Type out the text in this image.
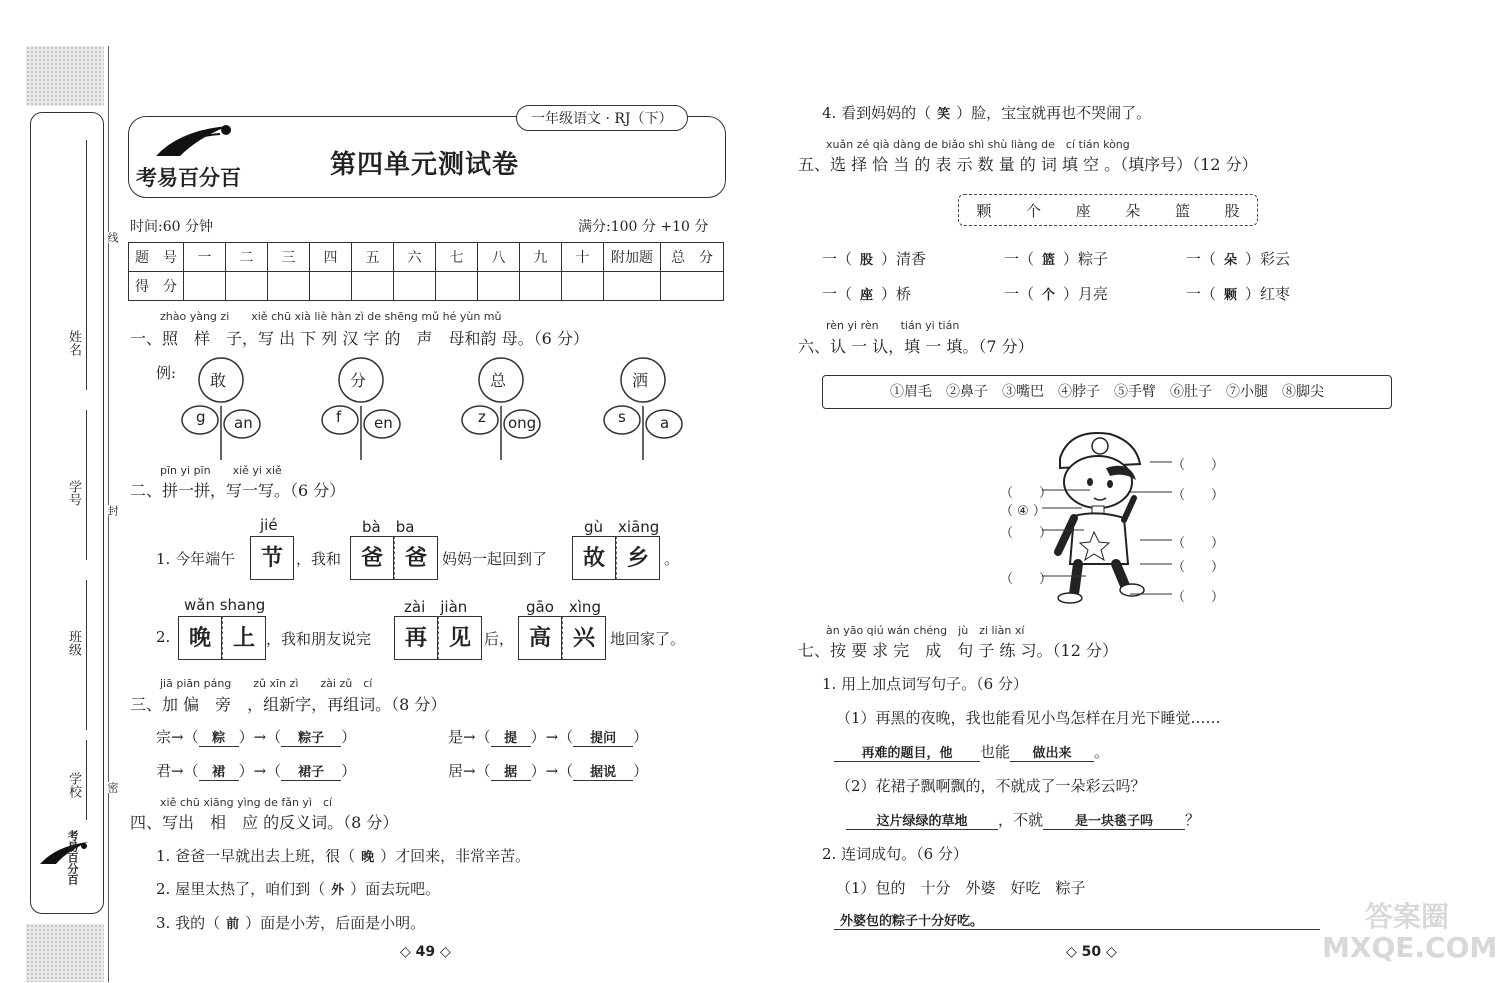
姓名
学号
班级
学校
线
封
密
考易百分百
考易百分百	第四单元测试卷
一年级语文 · RJ（下）
时间:60 分钟	满分:100 分 +10 分
题　号	一	二	三	四	五	六	七	八	九	十	附加题	总　分
得　分												
zhào yàng zi　　xiě chū xià liè hàn zì de shēng mǔ hé yùn mǔ
一、照　样　子，写 出 下 列 汉 字 的　声　母和韵 母。（6 分）
例: 敢
g an
分
f en
总
z ong
洒
s a
pīn yi pīn　　xiě yi xiě
二、拼一拼，写一写。（6 分）
1. 今年端午
jié
节 ，我和
bà　ba
爸 爸	妈妈一起回到了
gù　xiāng
故 乡	。
2.
wǎn shang
晚 上 ，我和朋友说完
zài　jiàn
再 见 后，
gāo　xìng
高 兴	地回家了。
jiā piān páng　　zǔ xīn zì　　zài zǔ　cí
三、加 偏　旁　，组新字，再组词。（8 分）
宗→（ 粽 ）→（ 粽子 ）	是→（ 提 ）→（ 提问 ）
君→（ 裙 ）→（ 裙子 ）	居→（ 据 ）→（ 据说 ）
xiě chū xiāng yìng de fǎn yì　cí
四、写出　相　应 的反义词。（8 分）
1. 爸爸一早就出去上班，很（ 晚 ）才回来，非常辛苦。
2. 屋里太热了，咱们到（ 外 ）面去玩吧。
3. 我的（ 前 ）面是小芳，后面是小明。
◇ 49 ◇
4. 看到妈妈的（ 笑 ）脸，宝宝就再也不哭闹了。
xuǎn zé qià dàng de biǎo shì shù liàng de　cí tián kòng
五、选 择 恰 当 的 表 示 数 量 的 词 填 空 。（填序号）（12 分）
颗 个 座 朵 篮 股
一（ 股 ）清香	一（ 篮 ）粽子	一（ 朵 ）彩云
一（ 座 ）桥	一（ 个 ）月亮	一（ 颗 ）红枣
rèn yi rèn　　tián yi tián
六、认 一 认，填 一 填。（7 分）
①眉毛　②鼻子　③嘴巴　④脖子　⑤手臂　⑥肚子　⑦小腿　⑧脚尖
（　　）
（ ④ ）
（　　）
（　　）
（　　）
（　　）
（　　）
（　　）
（　　）
àn yāo qiú wán chéng　jù　zi liàn xí
七、按 要 求 完　成　句 子 练 习。（12 分）
1. 用上加点词写句子。（6 分）
（1）再黑的夜晚，我也能看见小鸟怎样在月光下睡觉……
再难的题目，他 也能 做出来 。
（2）花裙子飘啊飘的，不就成了一朵彩云吗？
这片绿绿的草地 ，不就 是一块毯子吗 ？
2. 连词成句。（6 分）
（1）包的　十分　外婆　好吃　粽子
外婆包的粽子十分好吃。
◇ 50 ◇
答案圈 MXQE.COM
